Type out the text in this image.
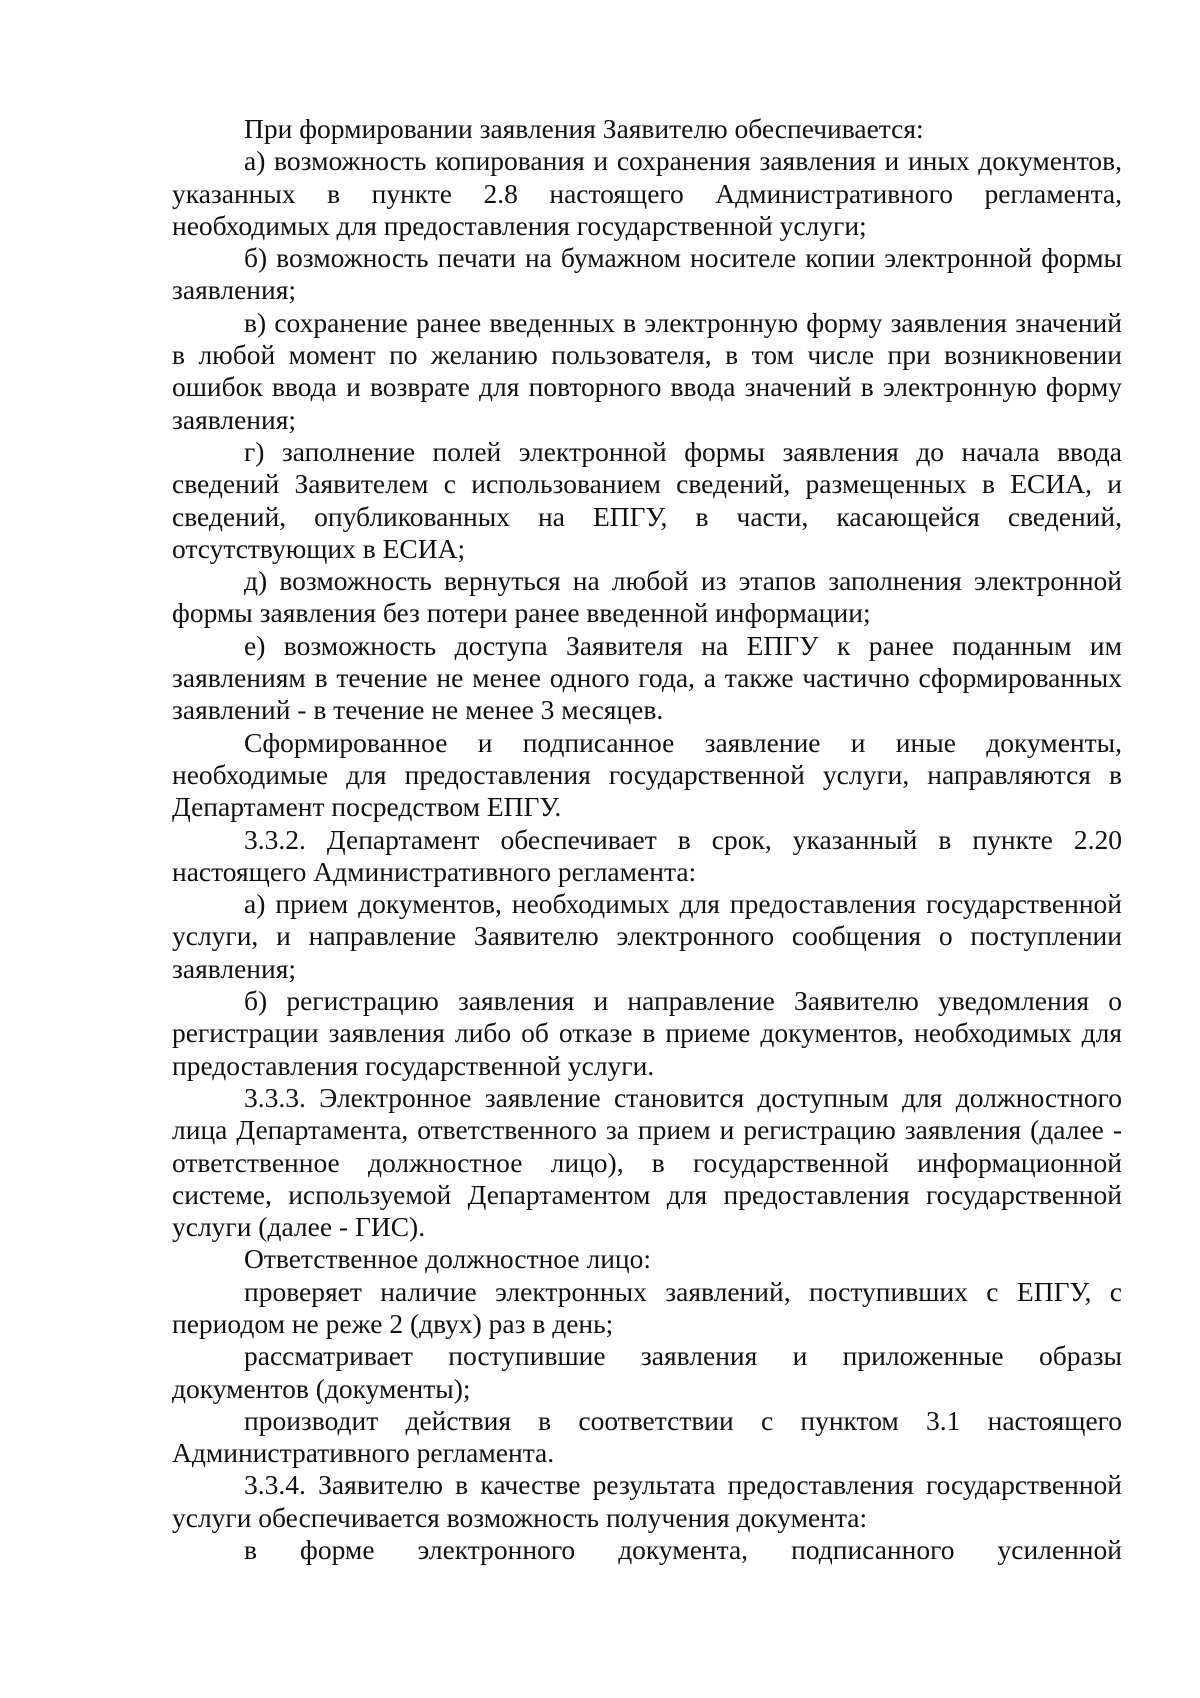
При формировании заявления Заявителю обеспечивается:

а) возможность копирования и сохранения заявления и иных документов, указанных в пункте 2.8 настоящего Административного регламента, необходимых для предоставления государственной услуги;

б) возможность печати на бумажном носителе копии электронной формы заявления;

в) сохранение ранее введенных в электронную форму заявления значений в любой момент по желанию пользователя, в том числе при возникновении ошибок ввода и возврате для повторного ввода значений в электронную форму заявления;

г) заполнение полей электронной формы заявления до начала ввода сведений Заявителем с использованием сведений, размещенных в ЕСИА, и сведений, опубликованных на ЕПГУ, в части, касающейся сведений, отсутствующих в ЕСИА;

д) возможность вернуться на любой из этапов заполнения электронной формы заявления без потери ранее введенной информации;

е) возможность доступа Заявителя на ЕПГУ к ранее поданным им заявлениям в течение не менее одного года, а также частично сформированных заявлений - в течение не менее 3 месяцев.

Сформированное и подписанное заявление и иные документы, необходимые для предоставления государственной услуги, направляются в Департамент посредством ЕПГУ.

3.3.2. Департамент обеспечивает в срок, указанный в пункте 2.20 настоящего Административного регламента:

а) прием документов, необходимых для предоставления государственной услуги, и направление Заявителю электронного сообщения о поступлении заявления;

б) регистрацию заявления и направление Заявителю уведомления о регистрации заявления либо об отказе в приеме документов, необходимых для предоставления государственной услуги.

3.3.3. Электронное заявление становится доступным для должностного лица Департамента, ответственного за прием и регистрацию заявления (далее - ответственное должностное лицо), в государственной информационной системе, используемой Департаментом для предоставления государственной услуги (далее - ГИС).

Ответственное должностное лицо:

проверяет наличие электронных заявлений, поступивших с ЕПГУ, с периодом не реже 2 (двух) раз в день;

рассматривает поступившие заявления и приложенные образы документов (документы);

производит действия в соответствии с пунктом 3.1 настоящего Административного регламента.

3.3.4. Заявителю в качестве результата предоставления государственной услуги обеспечивается возможность получения документа:

в форме электронного документа, подписанного усиленной
